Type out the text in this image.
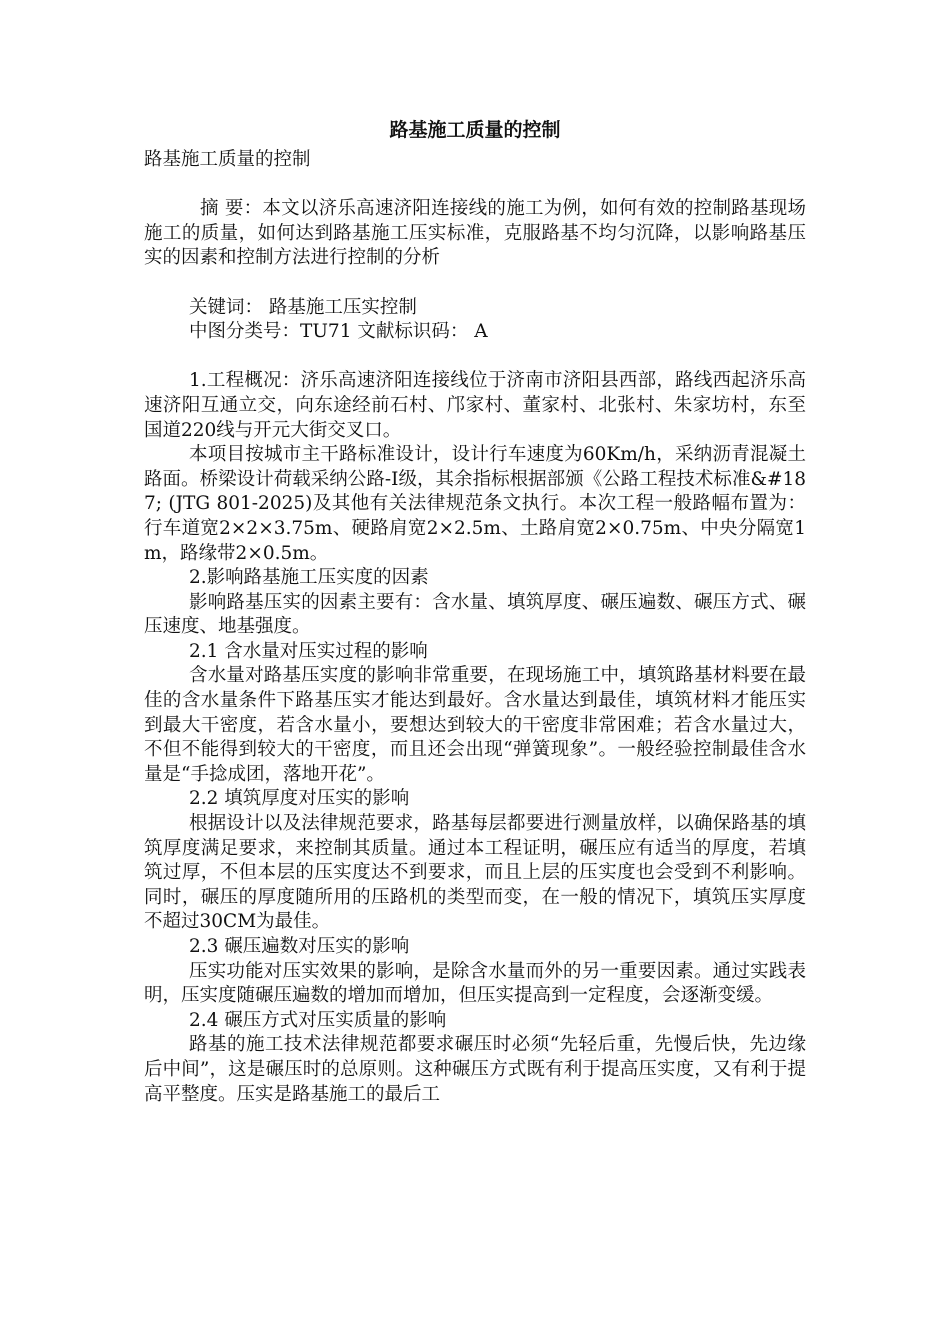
路基施工质量的控制

路基施工质量的控制

摘 要：本文以济乐高速济阳连接线的施工为例，如何有效的控制路基现场施工的质量，如何达到路基施工压实标准，克服路基不均匀沉降，以影响路基压实的因素和控制方法进行控制的分析

关键词： 路基施工压实控制

中图分类号：TU71 文献标识码： A

1.工程概况：济乐高速济阳连接线位于济南市济阳县西部，路线西起济乐高速济阳互通立交，向东途经前石村、邝家村、董家村、北张村、朱家坊村，东至国道220线与开元大街交叉口。

本项目按城市主干路标准设计，设计行车速度为60Km/h，采纳沥青混凝土路面。桥梁设计荷载采纳公路-I级，其余指标根据部颁《公路工程技术标准&#187; (JTG 801-2025)及其他有关法律规范条文执行。本次工程一般路幅布置为：行车道宽2×2×3.75m、硬路肩宽2×2.5m、土路肩宽2×0.75m、中央分隔宽1m，路缘带2×0.5m。

2.影响路基施工压实度的因素

影响路基压实的因素主要有：含水量、填筑厚度、碾压遍数、碾压方式、碾压速度、地基强度。

2.1 含水量对压实过程的影响

含水量对路基压实度的影响非常重要，在现场施工中，填筑路基材料要在最佳的含水量条件下路基压实才能达到最好。含水量达到最佳，填筑材料才能压实到最大干密度，若含水量小，要想达到较大的干密度非常困难；若含水量过大，不但不能得到较大的干密度，而且还会出现“弹簧现象”。一般经验控制最佳含水量是“手捻成团，落地开花”。

2.2 填筑厚度对压实的影响

根据设计以及法律规范要求，路基每层都要进行测量放样，以确保路基的填筑厚度满足要求，来控制其质量。通过本工程证明，碾压应有适当的厚度，若填筑过厚，不但本层的压实度达不到要求，而且上层的压实度也会受到不利影响。同时，碾压的厚度随所用的压路机的类型而变，在一般的情况下，填筑压实厚度不超过30CM为最佳。

2.3 碾压遍数对压实的影响

压实功能对压实效果的影响，是除含水量而外的另一重要因素。通过实践表明，压实度随碾压遍数的增加而增加，但压实提高到一定程度，会逐渐变缓。

2.4 碾压方式对压实质量的影响

路基的施工技术法律规范都要求碾压时必须“先轻后重，先慢后快，先边缘后中间”，这是碾压时的总原则。这种碾压方式既有利于提高压实度，又有利于提高平整度。压实是路基施工的最后工
